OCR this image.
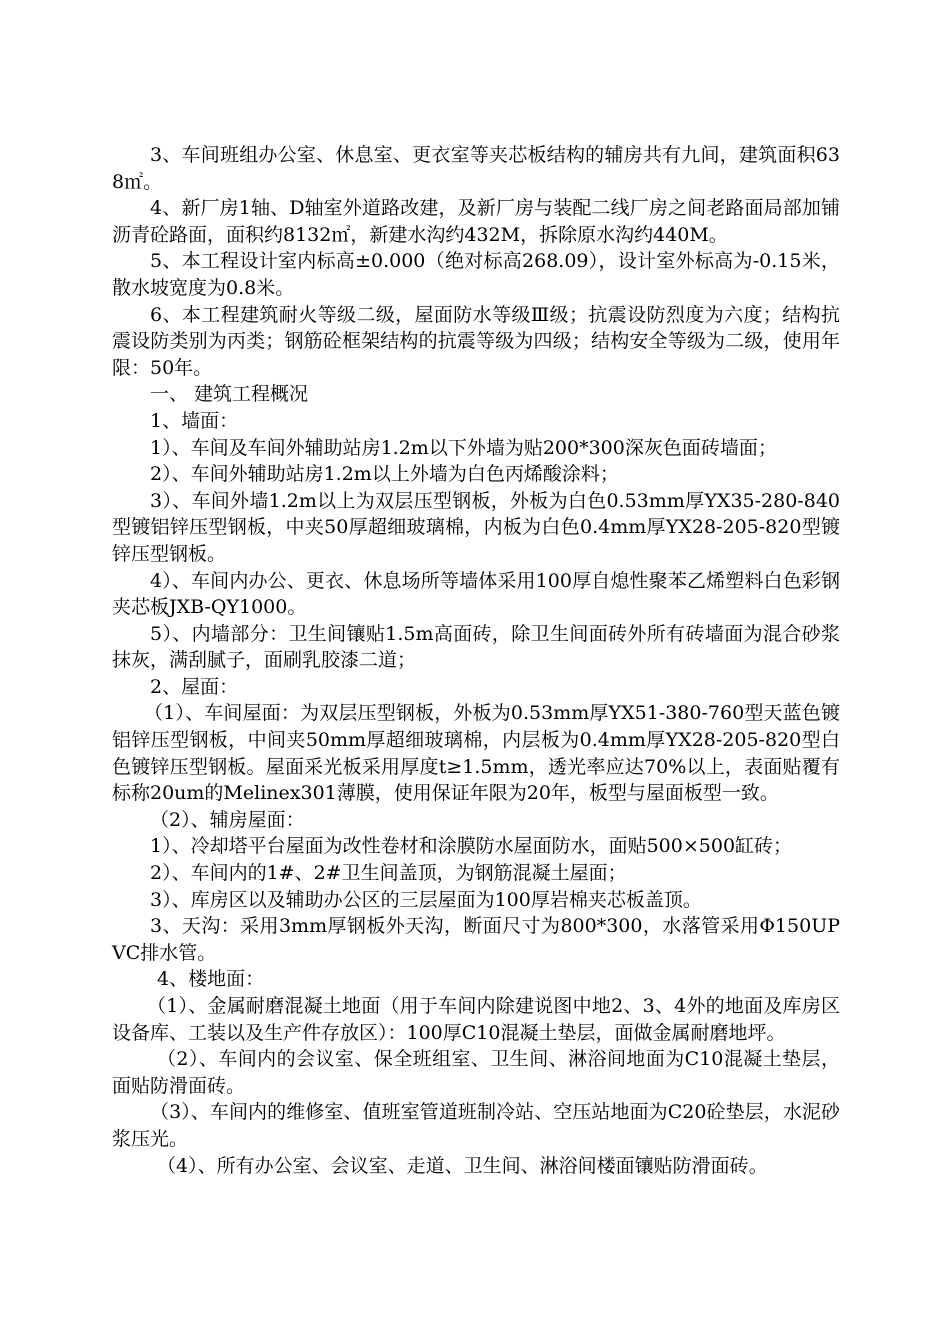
3、车间班组办公室、休息室、更衣室等夹芯板结构的辅房共有九间，建筑面积638㎡。

4、新厂房1轴、D轴室外道路改建，及新厂房与装配二线厂房之间老路面局部加铺沥青砼路面，面积约8132㎡，新建水沟约432M，拆除原水沟约440M。

5、本工程设计室内标高±0.000（绝对标高268.09），设计室外标高为-0.15米，散水坡宽度为0.8米。

6、本工程建筑耐火等级二级，屋面防水等级Ⅲ级；抗震设防烈度为六度；结构抗震设防类别为丙类；钢筋砼框架结构的抗震等级为四级；结构安全等级为二级，使用年限：50年。

一、 建筑工程概况

1、墙面：

1）、车间及车间外辅助站房1.2m以下外墙为贴200*300深灰色面砖墙面；

2）、车间外辅助站房1.2m以上外墙为白色丙烯酸涂料；

3）、车间外墙1.2m以上为双层压型钢板，外板为白色0.53mm厚YX35-280-840型镀铝锌压型钢板，中夹50厚超细玻璃棉，内板为白色0.4mm厚YX28-205-820型镀锌压型钢板。

4）、车间内办公、更衣、休息场所等墙体采用100厚自熄性聚苯乙烯塑料白色彩钢夹芯板JXB-QY1000。

5）、内墙部分：卫生间镶贴1.5m高面砖，除卫生间面砖外所有砖墙面为混合砂浆抹灰，满刮腻子，面刷乳胶漆二道；

2、屋面：

（1）、车间屋面：为双层压型钢板，外板为0.53mm厚YX51-380-760型天蓝色镀铝锌压型钢板，中间夹50mm厚超细玻璃棉，内层板为0.4mm厚YX28-205-820型白色镀锌压型钢板。屋面采光板采用厚度t≥1.5mm，透光率应达70%以上，表面贴覆有标称20um的Melinex301薄膜，使用保证年限为20年，板型与屋面板型一致。

（2）、辅房屋面：

1）、冷却塔平台屋面为改性卷材和涂膜防水屋面防水，面贴500×500缸砖；

2）、车间内的1#、2#卫生间盖顶，为钢筋混凝土屋面；

3）、库房区以及辅助办公区的三层屋面为100厚岩棉夹芯板盖顶。

3、天沟：采用3mm厚钢板外天沟，断面尺寸为800*300，水落管采用Φ150UPVC排水管。

4、楼地面：

（1）、金属耐磨混凝土地面（用于车间内除建说图中地2、3、4外的地面及库房区设备库、工装以及生产件存放区）：100厚C10混凝土垫层，面做金属耐磨地坪。

（2）、车间内的会议室、保全班组室、卫生间、淋浴间地面为C10混凝土垫层，面贴防滑面砖。

（3）、车间内的维修室、值班室管道班制冷站、空压站地面为C20砼垫层，水泥砂浆压光。

（4）、所有办公室、会议室、走道、卫生间、淋浴间楼面镶贴防滑面砖。
